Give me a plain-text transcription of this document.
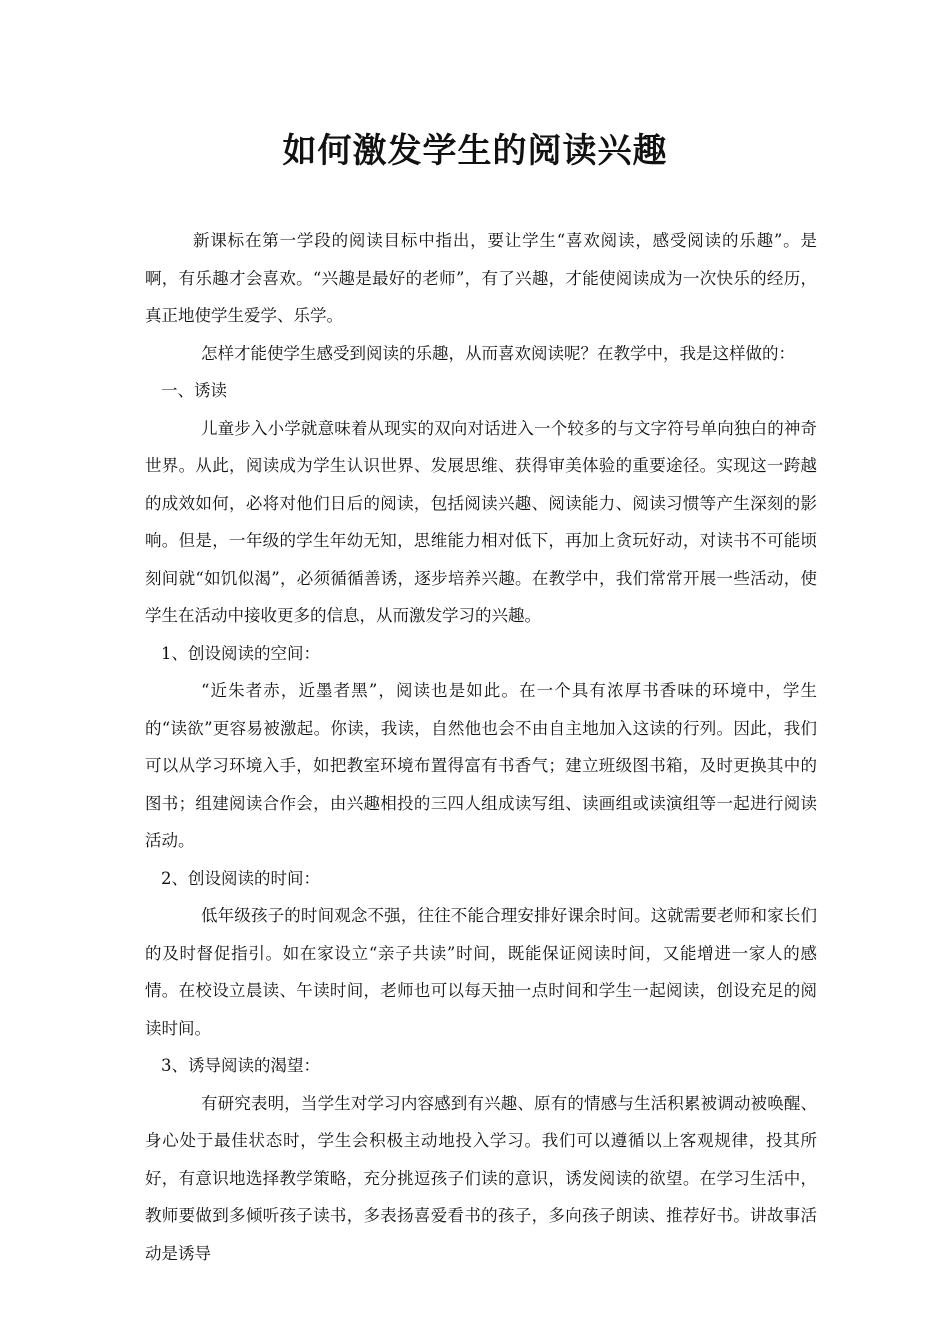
如何激发学生的阅读兴趣

新课标在第一学段的阅读目标中指出，要让学生“喜欢阅读，感受阅读的乐趣”。是啊，有乐趣才会喜欢。“兴趣是最好的老师”，有了兴趣，才能使阅读成为一次快乐的经历，真正地使学生爱学、乐学。

怎样才能使学生感受到阅读的乐趣，从而喜欢阅读呢？在教学中，我是这样做的：

一、诱读

儿童步入小学就意味着从现实的双向对话进入一个较多的与文字符号单向独白的神奇世界。从此，阅读成为学生认识世界、发展思维、获得审美体验的重要途径。实现这一跨越的成效如何，必将对他们日后的阅读，包括阅读兴趣、阅读能力、阅读习惯等产生深刻的影响。但是，一年级的学生年幼无知，思维能力相对低下，再加上贪玩好动，对读书不可能顷刻间就“如饥似渴”，必须循循善诱，逐步培养兴趣。在教学中，我们常常开展一些活动，使学生在活动中接收更多的信息，从而激发学习的兴趣。

1、创设阅读的空间：

“近朱者赤，近墨者黑”，阅读也是如此。在一个具有浓厚书香味的环境中，学生的“读欲”更容易被激起。你读，我读，自然他也会不由自主地加入这读的行列。因此，我们可以从学习环境入手，如把教室环境布置得富有书香气；建立班级图书箱，及时更换其中的图书；组建阅读合作会，由兴趣相投的三四人组成读写组、读画组或读演组等一起进行阅读活动。

2、创设阅读的时间：

低年级孩子的时间观念不强，往往不能合理安排好课余时间。这就需要老师和家长们的及时督促指引。如在家设立“亲子共读”时间，既能保证阅读时间，又能增进一家人的感情。在校设立晨读、午读时间，老师也可以每天抽一点时间和学生一起阅读，创设充足的阅读时间。

3、诱导阅读的渴望：

有研究表明，当学生对学习内容感到有兴趣、原有的情感与生活积累被调动被唤醒、身心处于最佳状态时，学生会积极主动地投入学习。我们可以遵循以上客观规律，投其所好，有意识地选择教学策略，充分挑逗孩子们读的意识，诱发阅读的欲望。在学习生活中，教师要做到多倾听孩子读书，多表扬喜爱看书的孩子，多向孩子朗读、推荐好书。讲故事活动是诱导
